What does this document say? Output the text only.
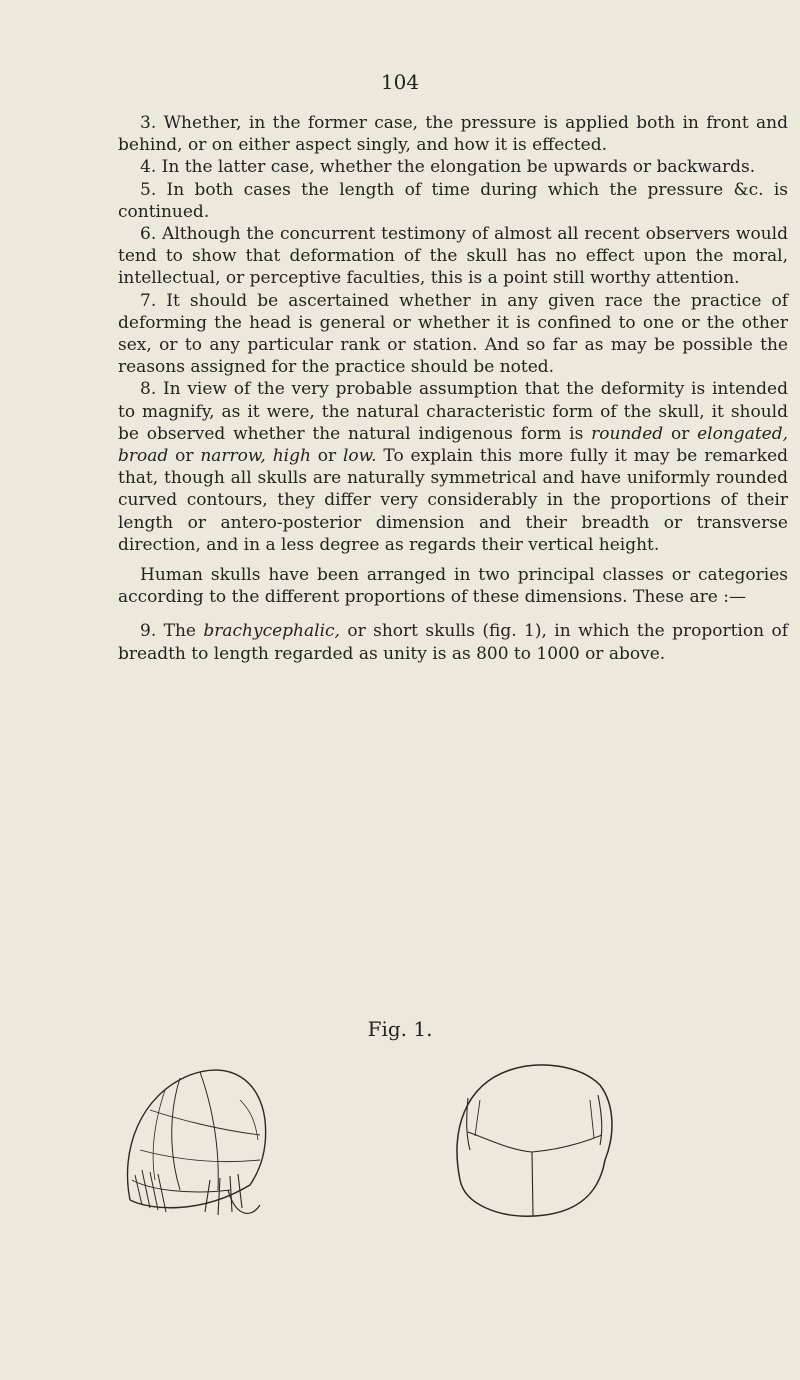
104

3. Whether, in the former case, the pressure is applied both in front and behind, or on either aspect singly, and how it is effected.

4. In the latter case, whether the elongation be upwards or backwards.

5. In both cases the length of time during which the pressure &c. is continued.

6. Although the concurrent testimony of almost all recent observers would tend to show that deformation of the skull has no effect upon the moral, intellectual, or perceptive faculties, this is a point still worthy attention.

7. It should be ascertained whether in any given race the practice of deforming the head is general or whether it is confined to one or the other sex, or to any particular rank or station. And so far as may be possible the reasons assigned for the practice should be noted.

8. In view of the very probable assumption that the deformity is intended to magnify, as it were, the natural characteristic form of the skull, it should be observed whether the natural indigenous form is rounded or elongated, broad or narrow, high or low. To explain this more fully it may be remarked that, though all skulls are naturally symmetrical and have uniformly rounded curved contours, they differ very considerably in the proportions of their length or antero-posterior dimension and their breadth or transverse direction, and in a less degree as regards their vertical height.

Human skulls have been arranged in two principal classes or categories according to the different proportions of these dimensions. These are :—

9. The brachycephalic, or short skulls (fig. 1), in which the proportion of breadth to length regarded as unity is as 800 to 1000 or above.

Fig. 1.
